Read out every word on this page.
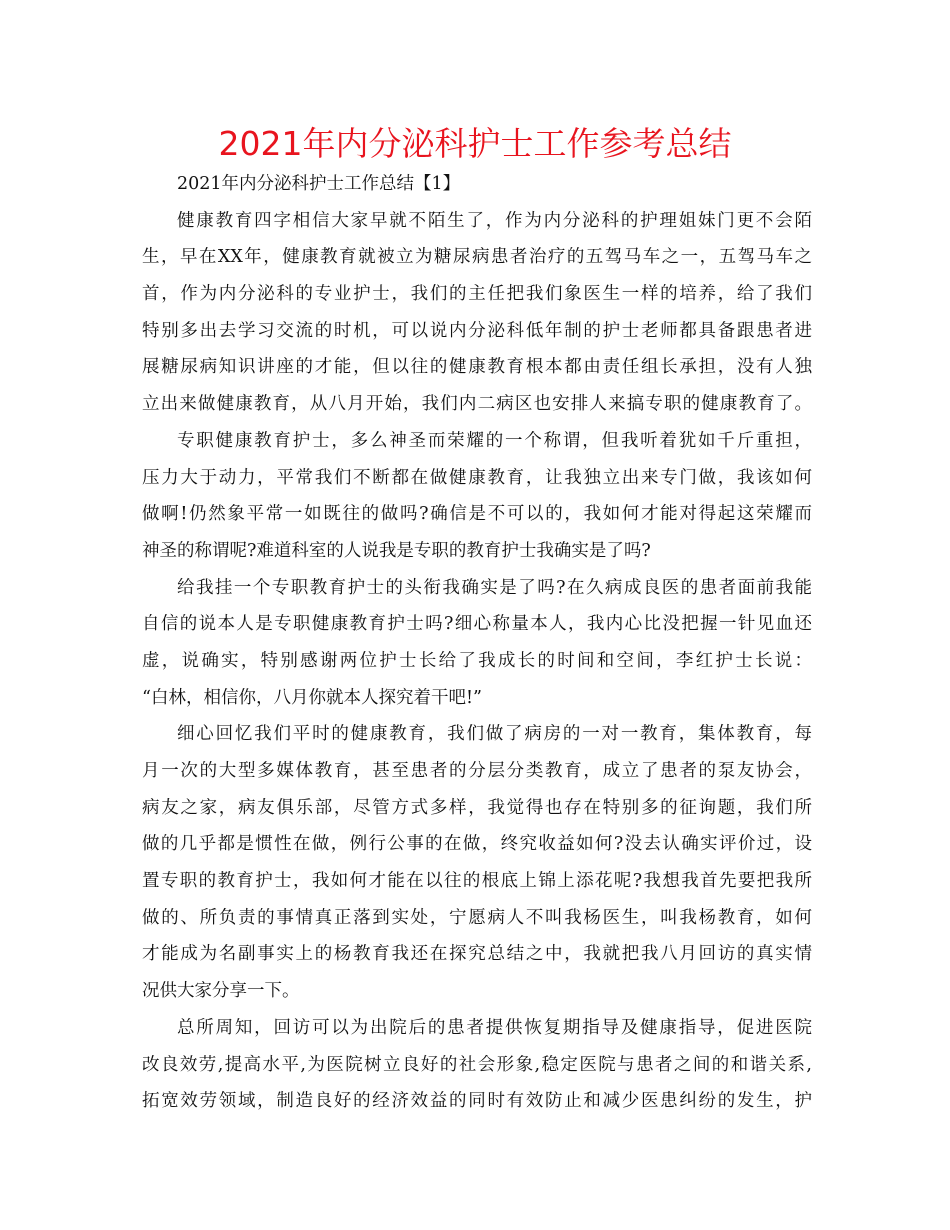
2021年内分泌科护士工作参考总结
2021年内分泌科护士工作总结【1】
健康教育四字相信大家早就不陌生了，作为内分泌科的护理姐妹门更不会陌
生，早在XX年，健康教育就被立为糖尿病患者治疗的五驾马车之一，五驾马车之
首，作为内分泌科的专业护士，我们的主任把我们象医生一样的培养，给了我们
特别多出去学习交流的时机，可以说内分泌科低年制的护士老师都具备跟患者进
展糖尿病知识讲座的才能，但以往的健康教育根本都由责任组长承担，没有人独
立出来做健康教育，从八月开始，我们内二病区也安排人来搞专职的健康教育了。
专职健康教育护士，多么神圣而荣耀的一个称谓，但我听着犹如千斤重担，
压力大于动力，平常我们不断都在做健康教育，让我独立出来专门做，我该如何
做啊!仍然象平常一如既往的做吗?确信是不可以的，我如何才能对得起这荣耀而
神圣的称谓呢?难道科室的人说我是专职的教育护士我确实是了吗?
给我挂一个专职教育护士的头衔我确实是了吗?在久病成良医的患者面前我能
自信的说本人是专职健康教育护士吗?细心称量本人，我内心比没把握一针见血还
虚，说确实，特别感谢两位护士长给了我成长的时间和空间，李红护士长说：
“白林，相信你，八月你就本人探究着干吧!”
细心回忆我们平时的健康教育，我们做了病房的一对一教育，集体教育，每
月一次的大型多媒体教育，甚至患者的分层分类教育，成立了患者的泵友协会，
病友之家，病友俱乐部，尽管方式多样，我觉得也存在特别多的征询题，我们所
做的几乎都是惯性在做，例行公事的在做，终究收益如何?没去认确实评价过，设
置专职的教育护士，我如何才能在以往的根底上锦上添花呢?我想我首先要把我所
做的、所负责的事情真正落到实处，宁愿病人不叫我杨医生，叫我杨教育，如何
才能成为名副事实上的杨教育我还在探究总结之中，我就把我八月回访的真实情
况供大家分享一下。
总所周知，回访可以为出院后的患者提供恢复期指导及健康指导，促进医院
改良效劳,提高水平,为医院树立良好的社会形象,稳定医院与患者之间的和谐关系,
拓宽效劳领域，制造良好的经济效益的同时有效防止和减少医患纠纷的发生，护
